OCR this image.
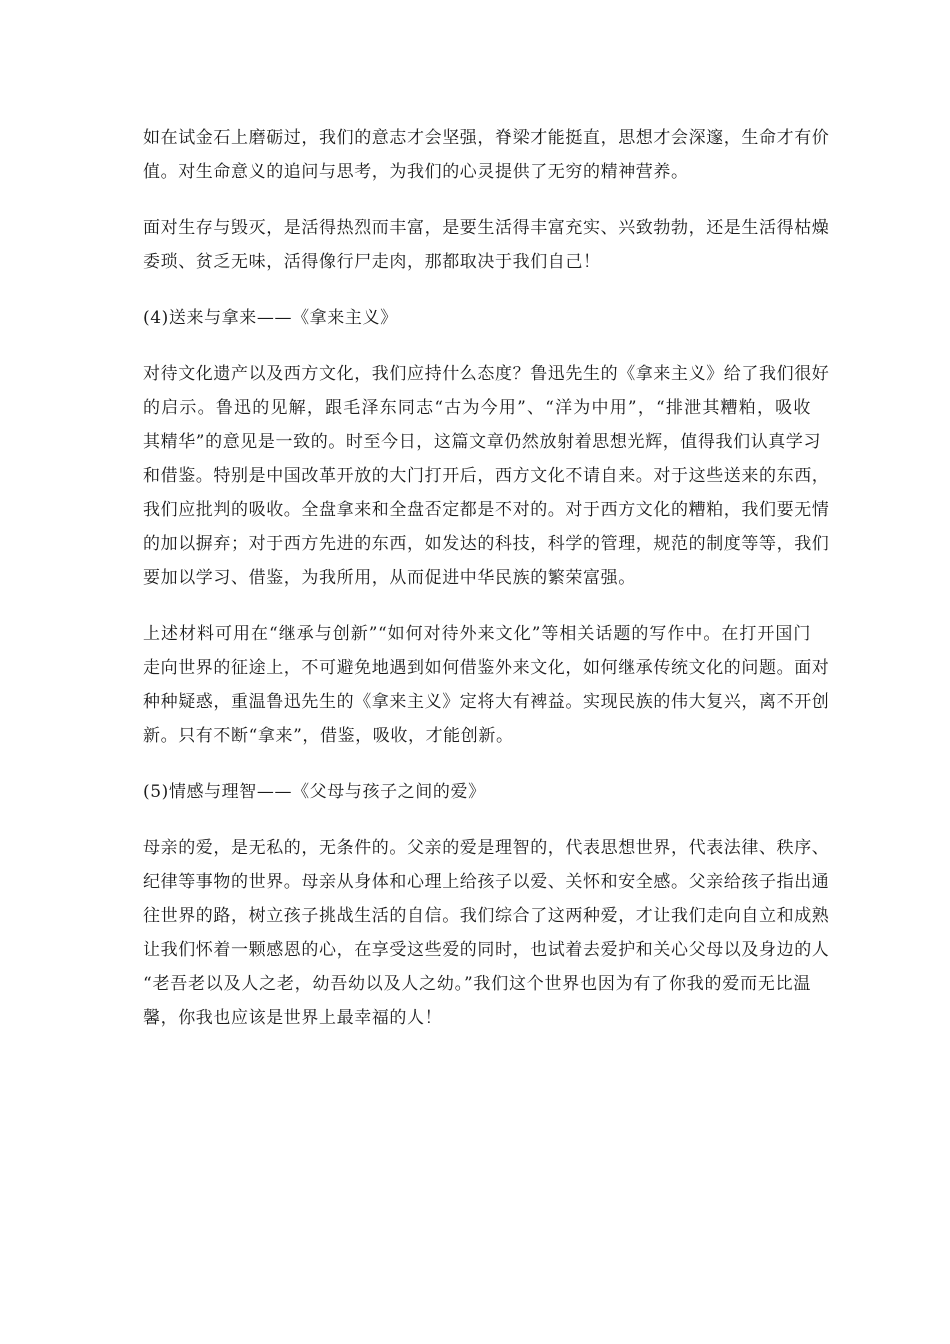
如在试金石上磨砺过，我们的意志才会坚强，脊梁才能挺直，思想才会深邃，生命才有价
值。对生命意义的追问与思考，为我们的心灵提供了无穷的精神营养。
面对生存与毁灭，是活得热烈而丰富，是要生活得丰富充实、兴致勃勃，还是生活得枯燥
委琐、贫乏无味，活得像行尸走肉，那都取决于我们自己！
(4)送来与拿来——《拿来主义》
对待文化遗产以及西方文化，我们应持什么态度？鲁迅先生的《拿来主义》给了我们很好
的启示。鲁迅的见解，跟毛泽东同志“古为今用”、“洋为中用”，“排泄其糟粕，吸收
其精华”的意见是一致的。时至今日，这篇文章仍然放射着思想光辉，值得我们认真学习
和借鉴。特别是中国改革开放的大门打开后，西方文化不请自来。对于这些送来的东西，
我们应批判的吸收。全盘拿来和全盘否定都是不对的。对于西方文化的糟粕，我们要无情
的加以摒弃；对于西方先进的东西，如发达的科技，科学的管理，规范的制度等等，我们
要加以学习、借鉴，为我所用，从而促进中华民族的繁荣富强。
上述材料可用在“继承与创新”“如何对待外来文化”等相关话题的写作中。在打开国门
走向世界的征途上，不可避免地遇到如何借鉴外来文化，如何继承传统文化的问题。面对
种种疑惑，重温鲁迅先生的《拿来主义》定将大有裨益。实现民族的伟大复兴，离不开创
新。只有不断“拿来”，借鉴，吸收，才能创新。
(5)情感与理智——《父母与孩子之间的爱》
母亲的爱，是无私的，无条件的。父亲的爱是理智的，代表思想世界，代表法律、秩序、
纪律等事物的世界。母亲从身体和心理上给孩子以爱、关怀和安全感。父亲给孩子指出通
往世界的路，树立孩子挑战生活的自信。我们综合了这两种爱，才让我们走向自立和成熟
让我们怀着一颗感恩的心，在享受这些爱的同时，也试着去爱护和关心父母以及身边的人
“老吾老以及人之老，幼吾幼以及人之幼。”我们这个世界也因为有了你我的爱而无比温
馨，你我也应该是世界上最幸福的人！
